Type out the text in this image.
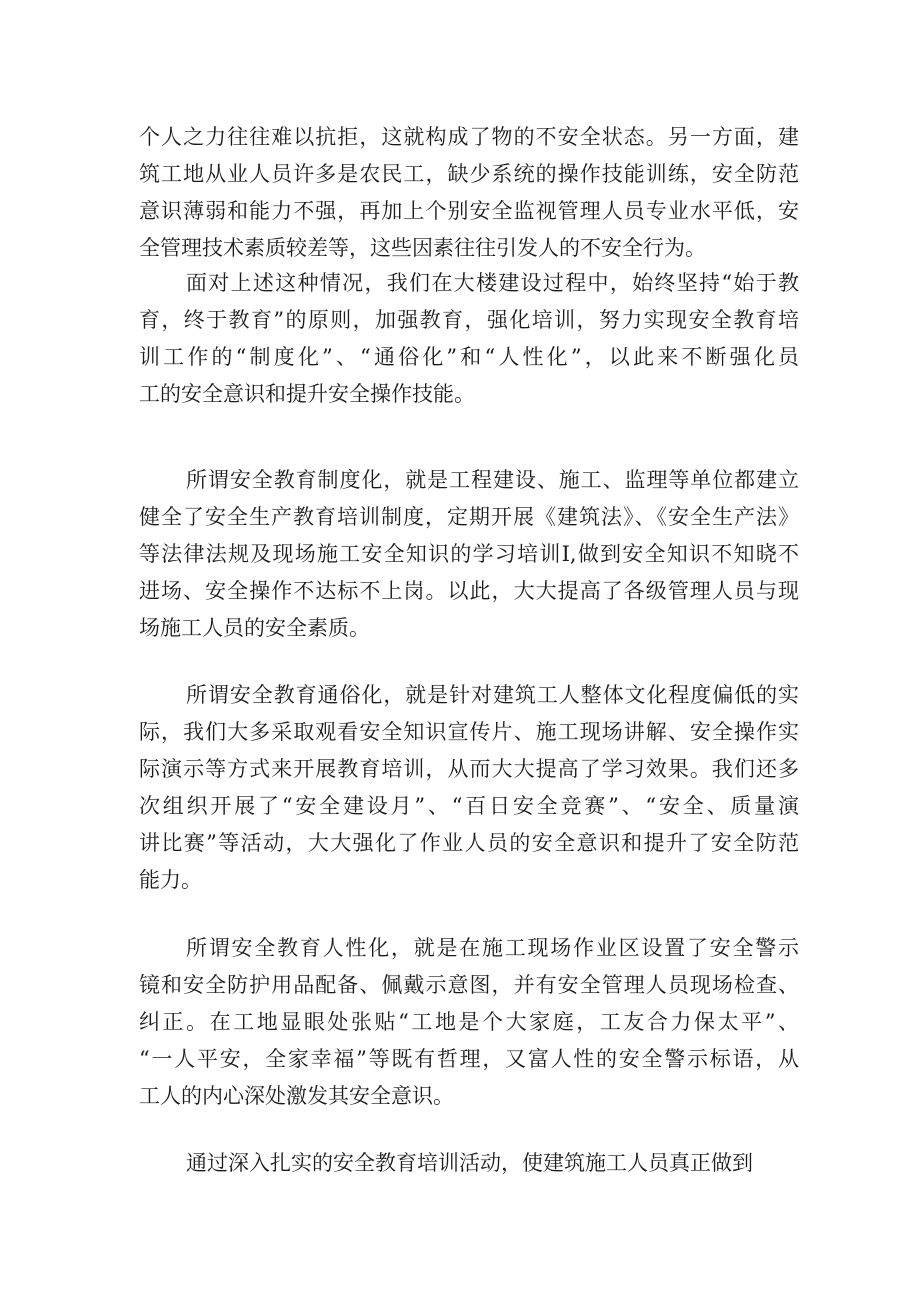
个人之力往往难以抗拒，这就构成了物的不安全状态。另一方面，建
筑工地从业人员许多是农民工，缺少系统的操作技能训练，安全防范
意识薄弱和能力不强，再加上个别安全监视管理人员专业水平低，安
全管理技术素质较差等，这些因素往往引发人的不安全行为。
面对上述这种情况，我们在大楼建设过程中，始终坚持“始于教
育，终于教育”的原则，加强教育，强化培训，努力实现安全教育培
训工作的“制度化”、“通俗化”和“人性化”，以此来不断强化员
工的安全意识和提升安全操作技能。
所谓安全教育制度化，就是工程建设、施工、监理等单位都建立
健全了安全生产教育培训制度，定期开展《建筑法》、《安全生产法》
等法律法规及现场施工安全知识的学习培训I,做到安全知识不知晓不
进场、安全操作不达标不上岗。以此，大大提高了各级管理人员与现
场施工人员的安全素质。
所谓安全教育通俗化，就是针对建筑工人整体文化程度偏低的实
际，我们大多采取观看安全知识宣传片、施工现场讲解、安全操作实
际演示等方式来开展教育培训，从而大大提高了学习效果。我们还多
次组织开展了“安全建设月”、“百日安全竞赛”、“安全、质量演
讲比赛”等活动，大大强化了作业人员的安全意识和提升了安全防范
能力。
所谓安全教育人性化，就是在施工现场作业区设置了安全警示
镜和安全防护用品配备、佩戴示意图，并有安全管理人员现场检查、
纠正。在工地显眼处张贴“工地是个大家庭，工友合力保太平”、
“一人平安，全家幸福”等既有哲理，又富人性的安全警示标语，从
工人的内心深处激发其安全意识。
通过深入扎实的安全教育培训活动，使建筑施工人员真正做到
